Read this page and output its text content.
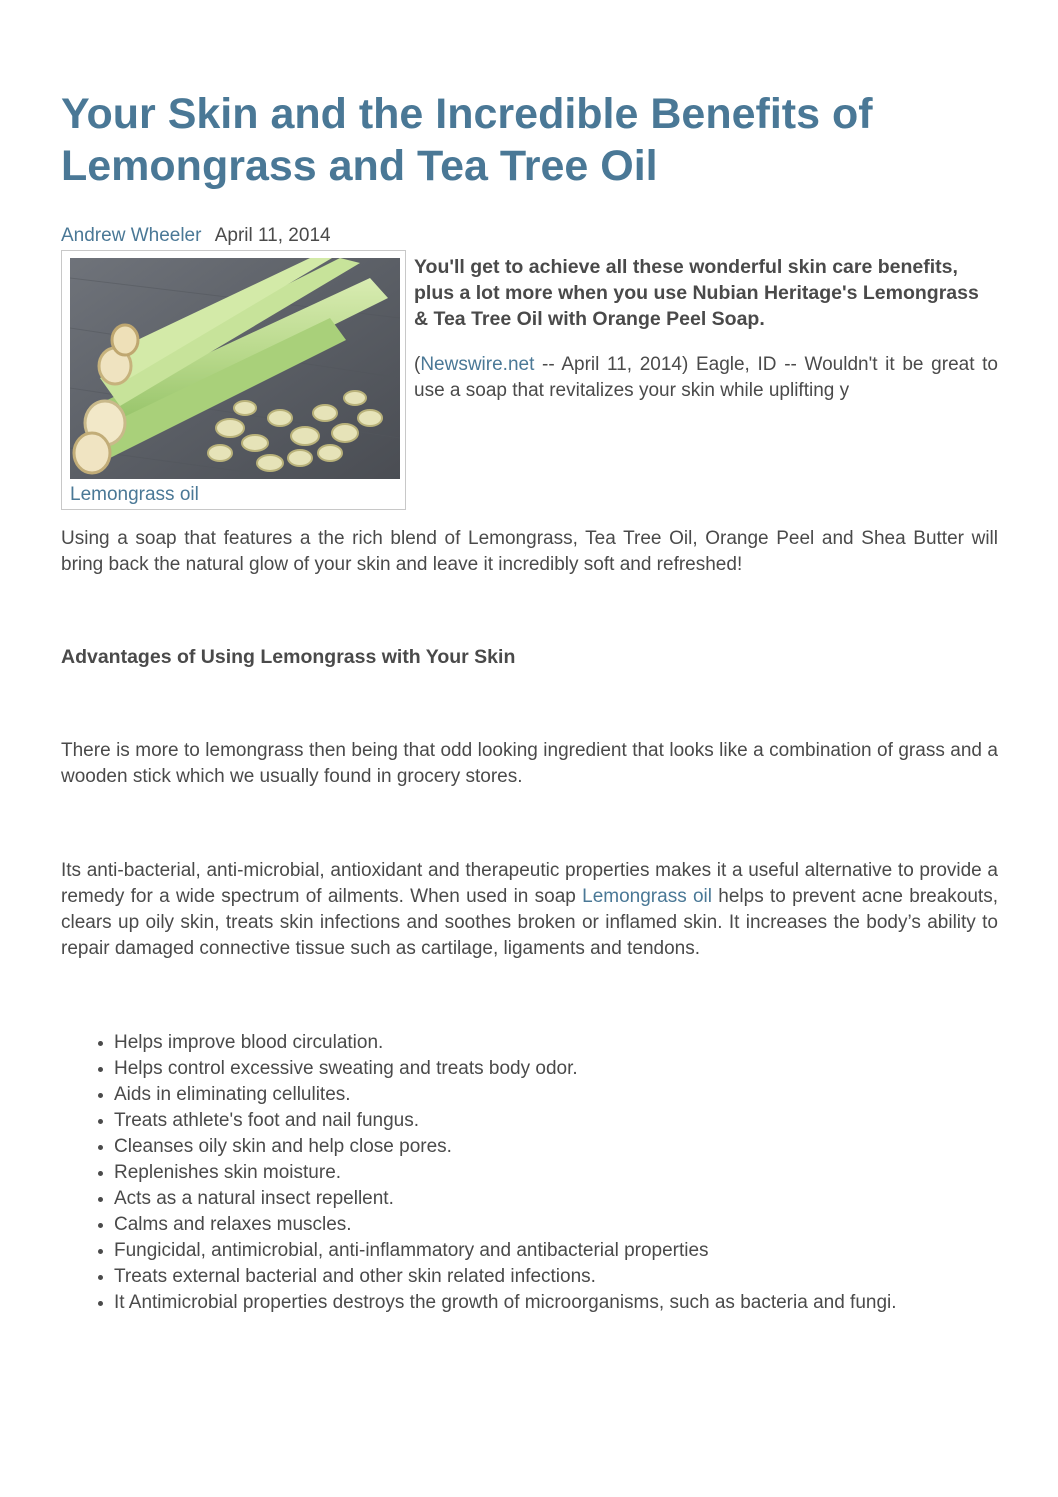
Your Skin and the Incredible Benefits of Lemongrass and Tea Tree Oil
Andrew Wheeler April 11, 2014
Lemongrass oil
You'll get to achieve all these wonderful skin care benefits, plus a lot more when you use Nubian Heritage's Lemongrass & Tea Tree Oil with Orange Peel Soap.

(Newswire.net -- April 11, 2014) Eagle, ID -- Wouldn't it be great to use a soap that revitalizes your skin while uplifting y

Using a soap that features a the rich blend of Lemongrass, Tea Tree Oil, Orange Peel and Shea Butter will bring back the natural glow of your skin and leave it incredibly soft and refreshed!

Advantages of Using Lemongrass with Your Skin

There is more to lemongrass then being that odd looking ingredient that looks like a combination of grass and a wooden stick which we usually found in grocery stores.

Its anti-bacterial, anti-microbial, antioxidant and therapeutic properties makes it a useful alternative to provide a remedy for a wide spectrum of ailments. When used in soap Lemongrass oil helps to prevent acne breakouts, clears up oily skin, treats skin infections and soothes broken or inflamed skin. It increases the body’s ability to repair damaged connective tissue such as cartilage, ligaments and tendons.

Helps improve blood circulation.
Helps control excessive sweating and treats body odor.
Aids in eliminating cellulites.
Treats athlete's foot and nail fungus.
Cleanses oily skin and help close pores.
Replenishes skin moisture.
Acts as a natural insect repellent.
Calms and relaxes muscles.
Fungicidal, antimicrobial, anti-inflammatory and antibacterial properties
Treats external bacterial and other skin related infections.
It Antimicrobial properties destroys the growth of microorganisms, such as bacteria and fungi.
